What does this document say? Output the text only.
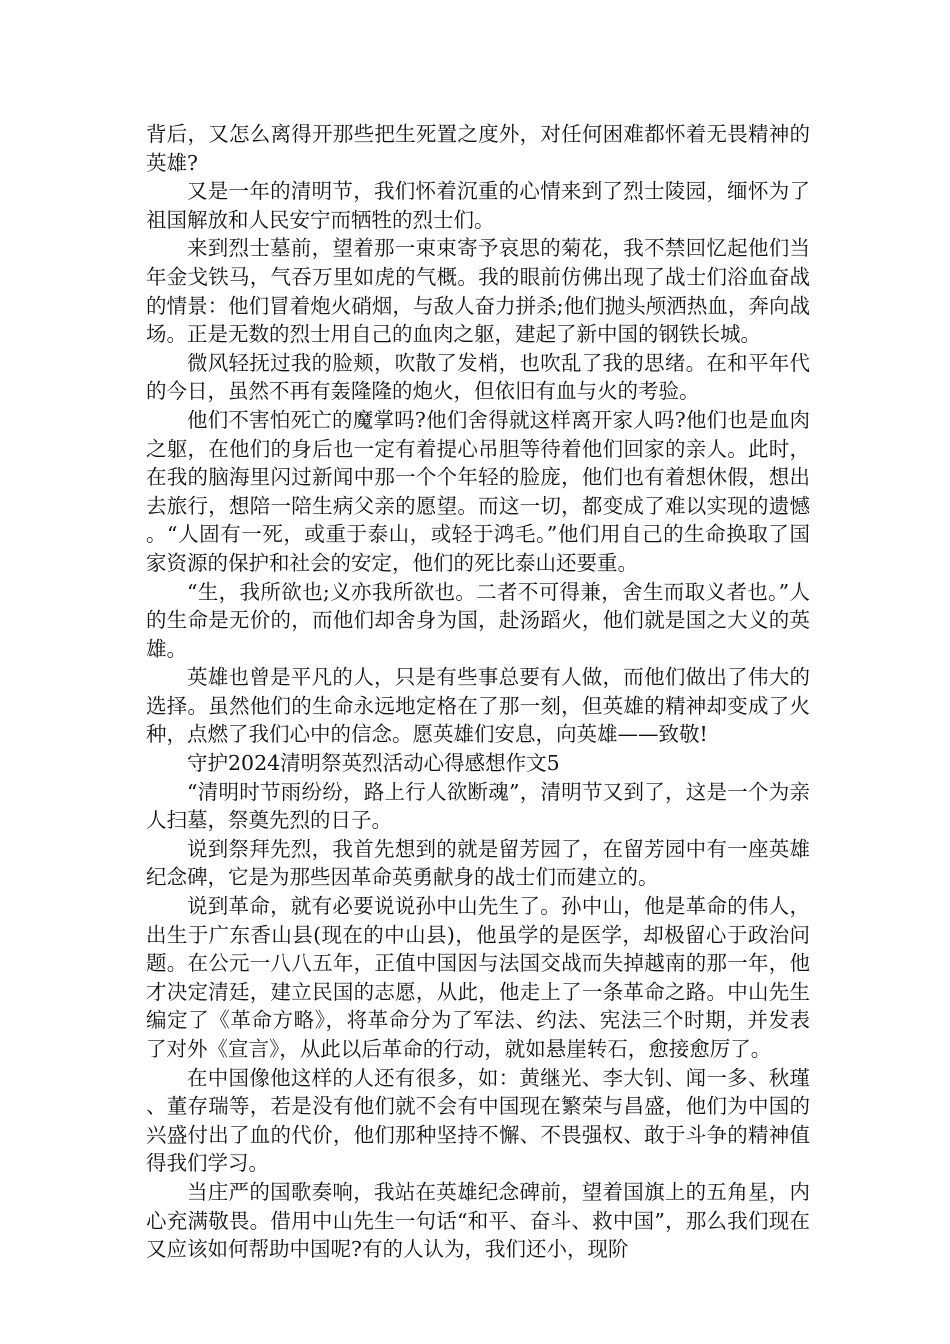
背后，又怎么离得开那些把生死置之度外，对任何困难都怀着无畏精神的英雄?

又是一年的清明节，我们怀着沉重的心情来到了烈士陵园，缅怀为了祖国解放和人民安宁而牺牲的烈士们。

来到烈士墓前，望着那一束束寄予哀思的菊花，我不禁回忆起他们当年金戈铁马，气吞万里如虎的气概。我的眼前仿佛出现了战士们浴血奋战的情景：他们冒着炮火硝烟，与敌人奋力拼杀;他们抛头颅洒热血，奔向战场。正是无数的烈士用自己的血肉之躯，建起了新中国的钢铁长城。

微风轻抚过我的脸颊，吹散了发梢，也吹乱了我的思绪。在和平年代的今日，虽然不再有轰隆隆的炮火，但依旧有血与火的考验。

他们不害怕死亡的魔掌吗?他们舍得就这样离开家人吗?他们也是血肉之躯，在他们的身后也一定有着提心吊胆等待着他们回家的亲人。此时，在我的脑海里闪过新闻中那一个个年轻的脸庞，他们也有着想休假，想出去旅行，想陪一陪生病父亲的愿望。而这一切，都变成了难以实现的遗憾。“人固有一死，或重于泰山，或轻于鸿毛。”他们用自己的生命换取了国家资源的保护和社会的安定，他们的死比泰山还要重。

“生，我所欲也;义亦我所欲也。二者不可得兼，舍生而取义者也。”人的生命是无价的，而他们却舍身为国，赴汤蹈火，他们就是国之大义的英雄。

英雄也曾是平凡的人，只是有些事总要有人做，而他们做出了伟大的选择。虽然他们的生命永远地定格在了那一刻，但英雄的精神却变成了火种，点燃了我们心中的信念。愿英雄们安息，向英雄——致敬!

守护2024清明祭英烈活动心得感想作文5

“清明时节雨纷纷，路上行人欲断魂”，清明节又到了，这是一个为亲人扫墓，祭奠先烈的日子。

说到祭拜先烈，我首先想到的就是留芳园了，在留芳园中有一座英雄纪念碑，它是为那些因革命英勇献身的战士们而建立的。

说到革命，就有必要说说孙中山先生了。孙中山，他是革命的伟人，出生于广东香山县(现在的中山县)，他虽学的是医学，却极留心于政治问题。在公元一八八五年，正值中国因与法国交战而失掉越南的那一年，他才决定清廷，建立民国的志愿，从此，他走上了一条革命之路。中山先生编定了《革命方略》，将革命分为了军法、约法、宪法三个时期，并发表了对外《宣言》，从此以后革命的行动，就如悬崖转石，愈接愈厉了。

在中国像他这样的人还有很多，如：黄继光、李大钊、闻一多、秋瑾、董存瑞等，若是没有他们就不会有中国现在繁荣与昌盛，他们为中国的兴盛付出了血的代价，他们那种坚持不懈、不畏强权、敢于斗争的精神值得我们学习。

当庄严的国歌奏响，我站在英雄纪念碑前，望着国旗上的五角星，内心充满敬畏。借用中山先生一句话“和平、奋斗、救中国”，那么我们现在又应该如何帮助中国呢?有的人认为，我们还小，现阶
